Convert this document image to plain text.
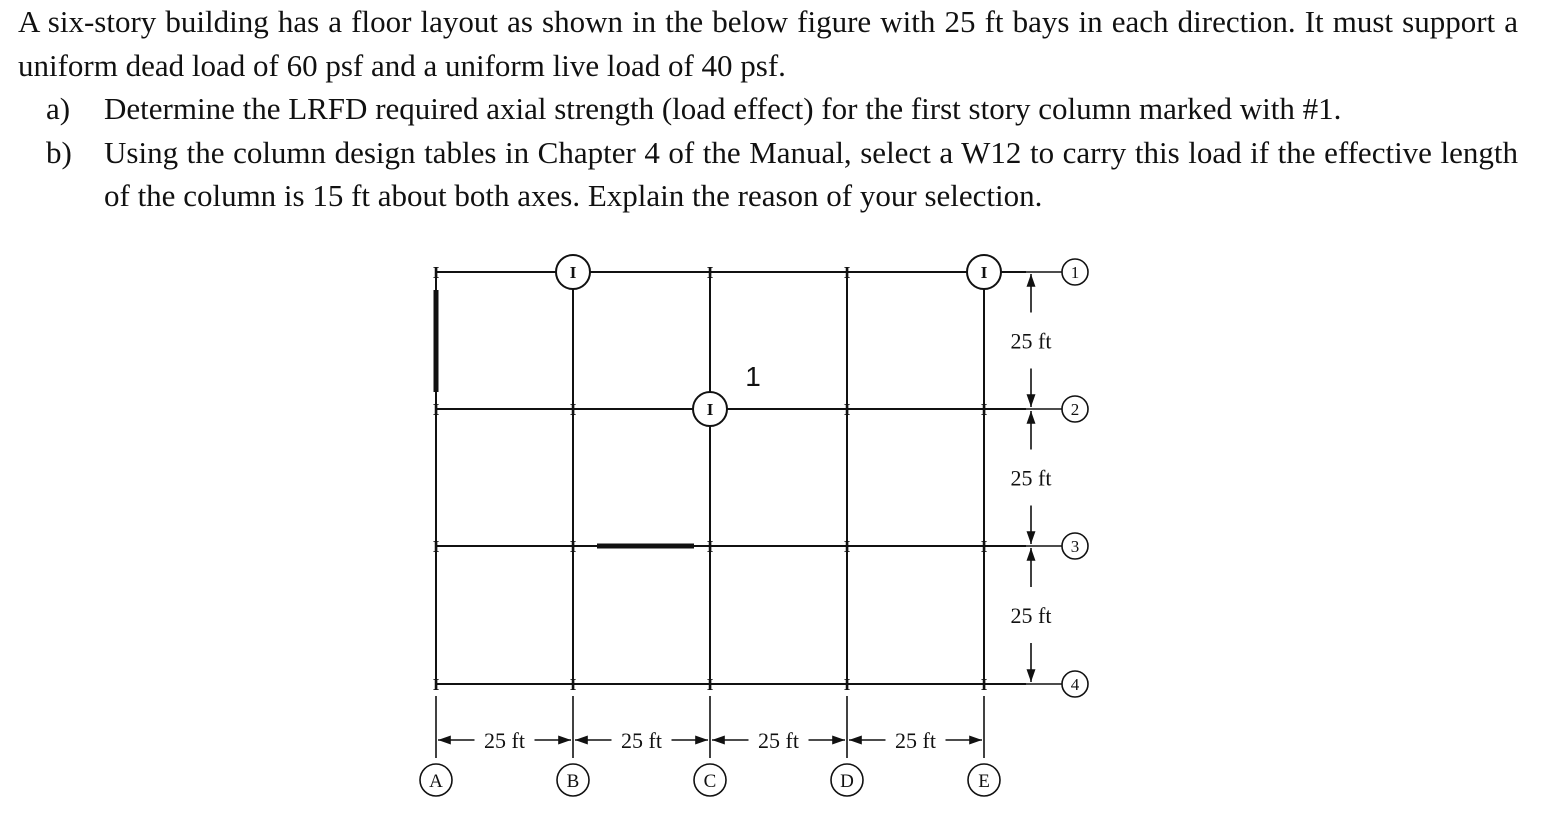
A six-story building has a floor layout as shown in the below figure with 25 ft bays in each direction. It must support a uniform dead load of 60 psf and a uniform live load of 40 psf.

a)	Determine the LRFD required axial strength (load effect) for the first story column marked with #1.
b)	Using the column design tables in Chapter 4 of the Manual, select a W12 to carry this load if the effective length of the column is 15 ft about both axes. Explain the reason of your selection.
I	I	I	I	I
I	I	I	I	I
I	I	I	I	I
I	I	I	I	I
1
A	B	C	D	E
1
2
3
4
25 ft	25 ft	25 ft	25 ft
25 ft
25 ft
25 ft
